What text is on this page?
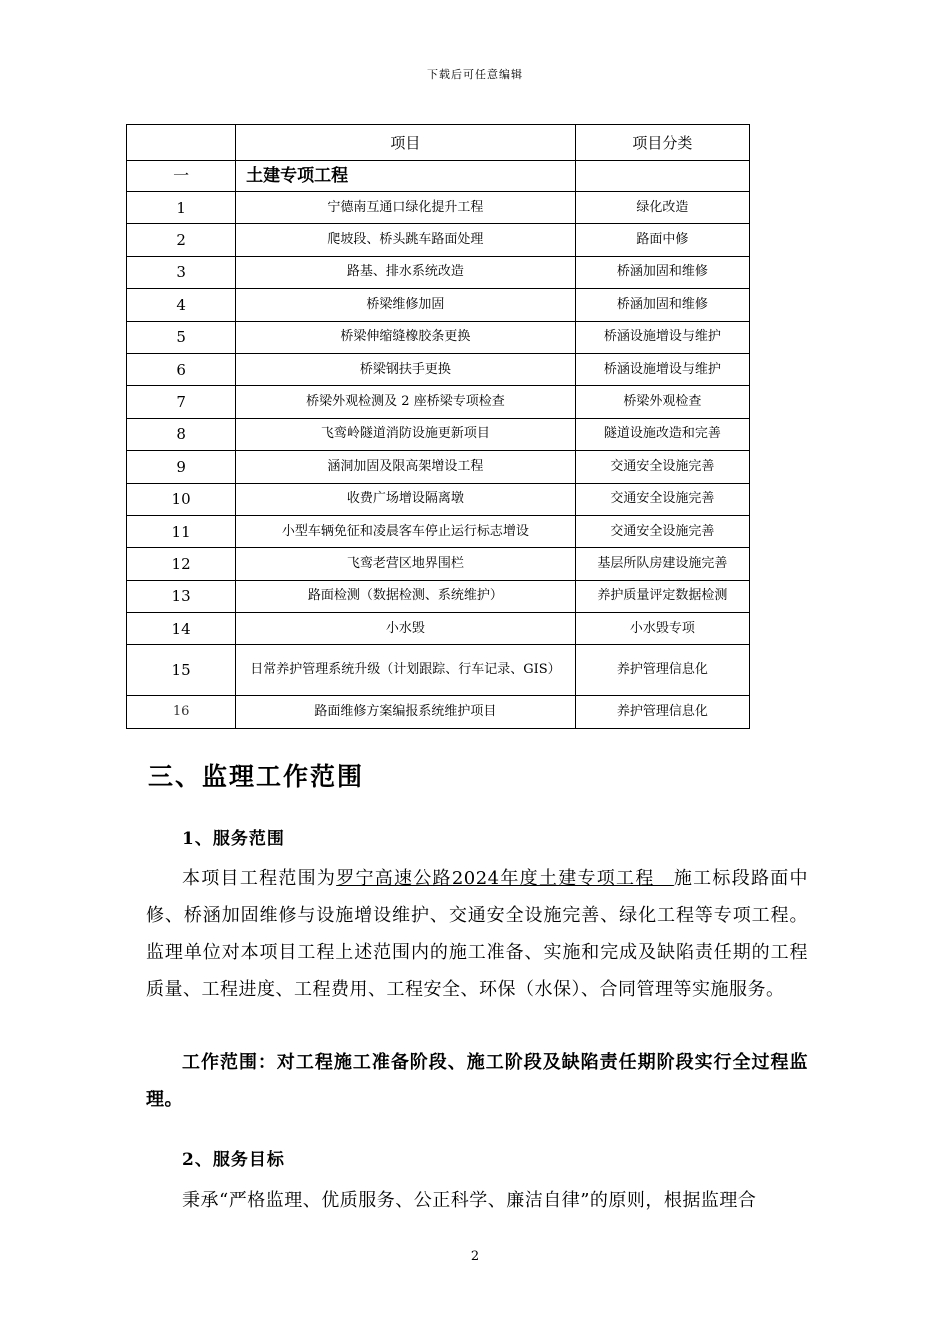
下载后可任意编辑
	项目	项目分类
一	土建专项工程	
1	宁德南互通口绿化提升工程	绿化改造
2	爬坡段、桥头跳车路面处理	路面中修
3	路基、排水系统改造	桥涵加固和维修
4	桥梁维修加固	桥涵加固和维修
5	桥梁伸缩缝橡胶条更换	桥涵设施增设与维护
6	桥梁钢扶手更换	桥涵设施增设与维护
7	桥梁外观检测及 2 座桥梁专项检查	桥梁外观检查
8	飞鸾岭隧道消防设施更新项目	隧道设施改造和完善
9	涵洞加固及限高架增设工程	交通安全设施完善
10	收费广场增设隔离墩	交通安全设施完善
11	小型车辆免征和凌晨客车停止运行标志增设	交通安全设施完善
12	飞鸾老营区地界围栏	基层所队房建设施完善
13	路面检测（数据检测、系统维护）	养护质量评定数据检测
14	小水毁	小水毁专项
15	日常养护管理系统升级（计划跟踪、行车记录、GIS）	养护管理信息化
16	路面维修方案编报系统维护项目	养护管理信息化
三、监理工作范围
1、服务范围
本项目工程范围为罗宁高速公路2024年度土建专项工程　施工标段路面中修、桥涵加固维修与设施增设维护、交通安全设施完善、绿化工程等专项工程。监理单位对本项目工程上述范围内的施工准备、实施和完成及缺陷责任期的工程质量、工程进度、工程费用、工程安全、环保（水保）、合同管理等实施服务。
工作范围：对工程施工准备阶段、施工阶段及缺陷责任期阶段实行全过程监理。
2、服务目标
秉承“严格监理、优质服务、公正科学、廉洁自律”的原则，根据监理合
2
